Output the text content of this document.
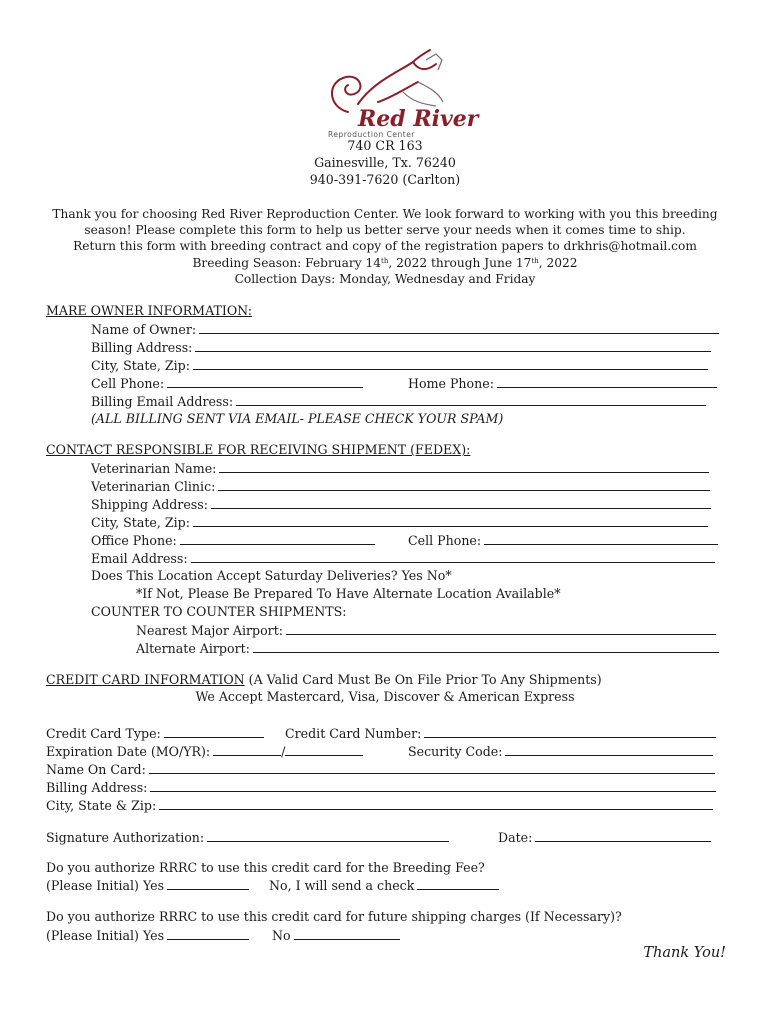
Red River
Reproduction Center
740 CR 163
Gainesville, Tx. 76240
940-391-7620 (Carlton)
Thank you for choosing Red River Reproduction Center. We look forward to working with you this breeding
season! Please complete this form to help us better serve your needs when it comes time to ship.
Return this form with breeding contract and copy of the registration papers to drkhris@hotmail.com
Breeding Season: February 14th, 2022 through June 17th, 2022
Collection Days: Monday, Wednesday and Friday
MARE OWNER INFORMATION:
Name of Owner:
Billing Address:
City, State, Zip:
Cell Phone:	Home Phone:
Billing Email Address:
(ALL BILLING SENT VIA EMAIL- PLEASE CHECK YOUR SPAM)
CONTACT RESPONSIBLE FOR RECEIVING SHIPMENT (FEDEX):
Veterinarian Name:
Veterinarian Clinic:
Shipping Address:
City, State, Zip:
Office Phone:	Cell Phone:
Email Address:
Does This Location Accept Saturday Deliveries? Yes No*
*If Not, Please Be Prepared To Have Alternate Location Available*
COUNTER TO COUNTER SHIPMENTS:
Nearest Major Airport:
Alternate Airport:
CREDIT CARD INFORMATION (A Valid Card Must Be On File Prior To Any Shipments)
We Accept Mastercard, Visa, Discover & American Express
Credit Card Type:	Credit Card Number:
Expiration Date (MO/YR):	/	Security Code:
Name On Card:
Billing Address:
City, State & Zip:
Signature Authorization:	Date:
Do you authorize RRRC to use this credit card for the Breeding Fee?
(Please Initial) Yes	No, I will send a check
Do you authorize RRRC to use this credit card for future shipping charges (If Necessary)?
(Please Initial) Yes	No
Thank You!
